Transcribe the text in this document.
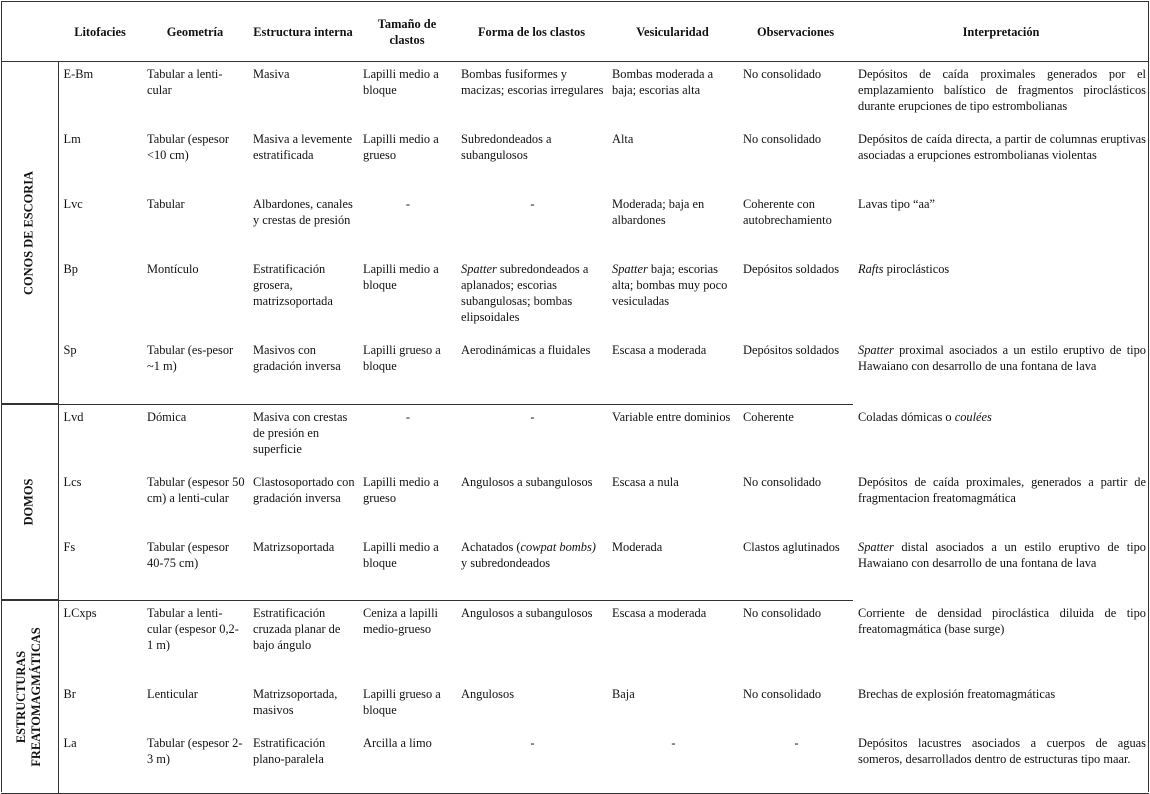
	Litofacies	Geometría	Estructura interna	Tamaño de clastos	Forma de los clastos	Vesicularidad	Observaciones	Interpretación

CONOS DE ESCORIA	E-Bm	Tabular a lenti-cular	Masiva	Lapilli medio a bloque	Bombas fusiformes y macizas; escorias irregulares	Bombas moderada a baja; escorias alta	No consolidado	Depósitos de caída proximales generados por el emplazamiento balístico de fragmentos piroclásticos durante erupciones de tipo estrombolianas
	Lm	Tabular (espesor <10 cm)	Masiva a levemente estratificada	Lapilli medio a grueso	Subredondeados a subangulosos	Alta	No consolidado	Depósitos de caída directa, a partir de columnas eruptivas asociadas a erupciones estrombolianas violentas
	Lvc	Tabular	Albardones, canales y crestas de presión	-	-	Moderada; baja en albardones	Coherente con autobrechamiento	Lavas tipo “aa”
	Bp	Montículo	Estratificación grosera, matrizsoportada	Lapilli medio a bloque	Spatter subredondeados a aplanados; escorias subangulosas; bombas elipsoidales	Spatter baja; escorias alta; bombas muy poco vesiculadas	Depósitos soldados	Rafts piroclásticos
	Sp	Tabular (es-pesor ~1 m)	Masivos con gradación inversa	Lapilli grueso a bloque	Aerodinámicas a fluidales	Escasa a moderada	Depósitos soldados	Spatter proximal asociados a un estilo eruptivo de tipo Hawaiano con desarrollo de una fontana de lava

DOMOS	Lvd	Dómica	Masiva con crestas de presión en superficie	-	-	Variable entre dominios	Coherente	Coladas dómicas o coulées
	Lcs	Tabular (espesor 50 cm) a lenti-cular	Clastosoportado con gradación inversa	Lapilli medio a grueso	Angulosos a subangulosos	Escasa a nula	No consolidado	Depósitos de caída proximales, generados a partir de fragmentacion freatomagmática
	Fs	Tabular (espesor 40-75 cm)	Matrizsoportada	Lapilli medio a bloque	Achatados (cowpat bombs) y subredondeados	Moderada	Clastos aglutinados	Spatter distal asociados a un estilo eruptivo de tipo Hawaiano con desarrollo de una fontana de lava

ESTRUCTURAS
FREATOMAGMÁTICAS	LCxps	Tabular a lenti-cular (espesor 0,2-1 m)	Estratificación cruzada planar de bajo ángulo	Ceniza a lapilli medio-grueso	Angulosos a subangulosos	Escasa a moderada	No consolidado	Corriente de densidad piroclástica diluida de tipo freatomagmática (base surge)
	Br	Lenticular	Matrizsoportada, masivos	Lapilli grueso a bloque	Angulosos	Baja	No consolidado	Brechas de explosión freatomagmáticas
	La	Tabular (espesor 2-3 m)	Estratificación plano-paralela	Arcilla a limo	-	-	-	Depósitos lacustres asociados a cuerpos de aguas someros, desarrollados dentro de estructuras tipo maar.
